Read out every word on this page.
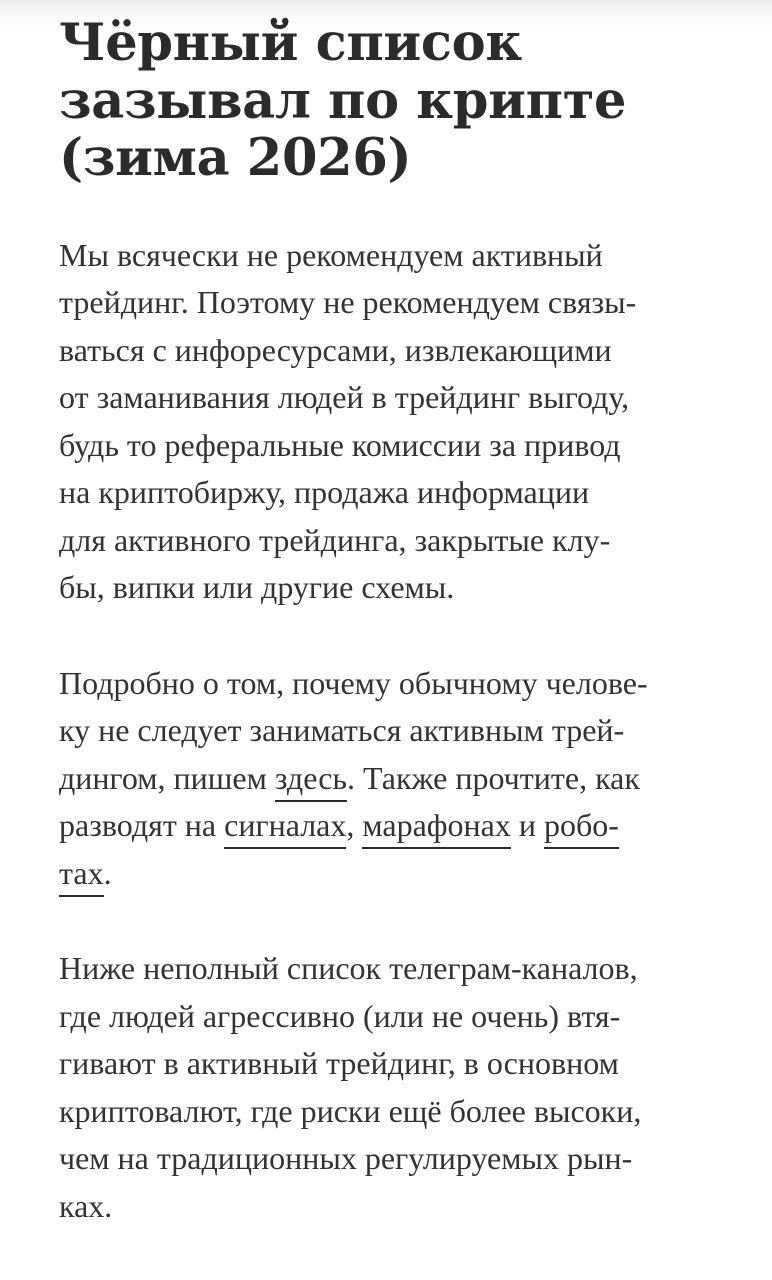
Чёрный список
зазывал по крипте
(зима 2026)

Мы всячески не рекомендуем активный
трейдинг. Поэтому не рекомендуем связы-
ваться с инфоресурсами, извлекающими
от заманивания людей в трейдинг выгоду,
будь то реферальные комиссии за привод
на криптобиржу, продажа информации
для активного трейдинга, закрытые клу-
бы, випки или другие схемы.

Подробно о том, почему обычному челове-
ку не следует заниматься активным трей-
дингом, пишем здесь. Также прочтите, как
разводят на сигналах, марафонах и робо-
тах.

Ниже неполный список телеграм-каналов,
где людей агрессивно (или не очень) втя-
гивают в активный трейдинг, в основном
криптовалют, где риски ещё более высоки,
чем на традиционных регулируемых рын-
ках.
